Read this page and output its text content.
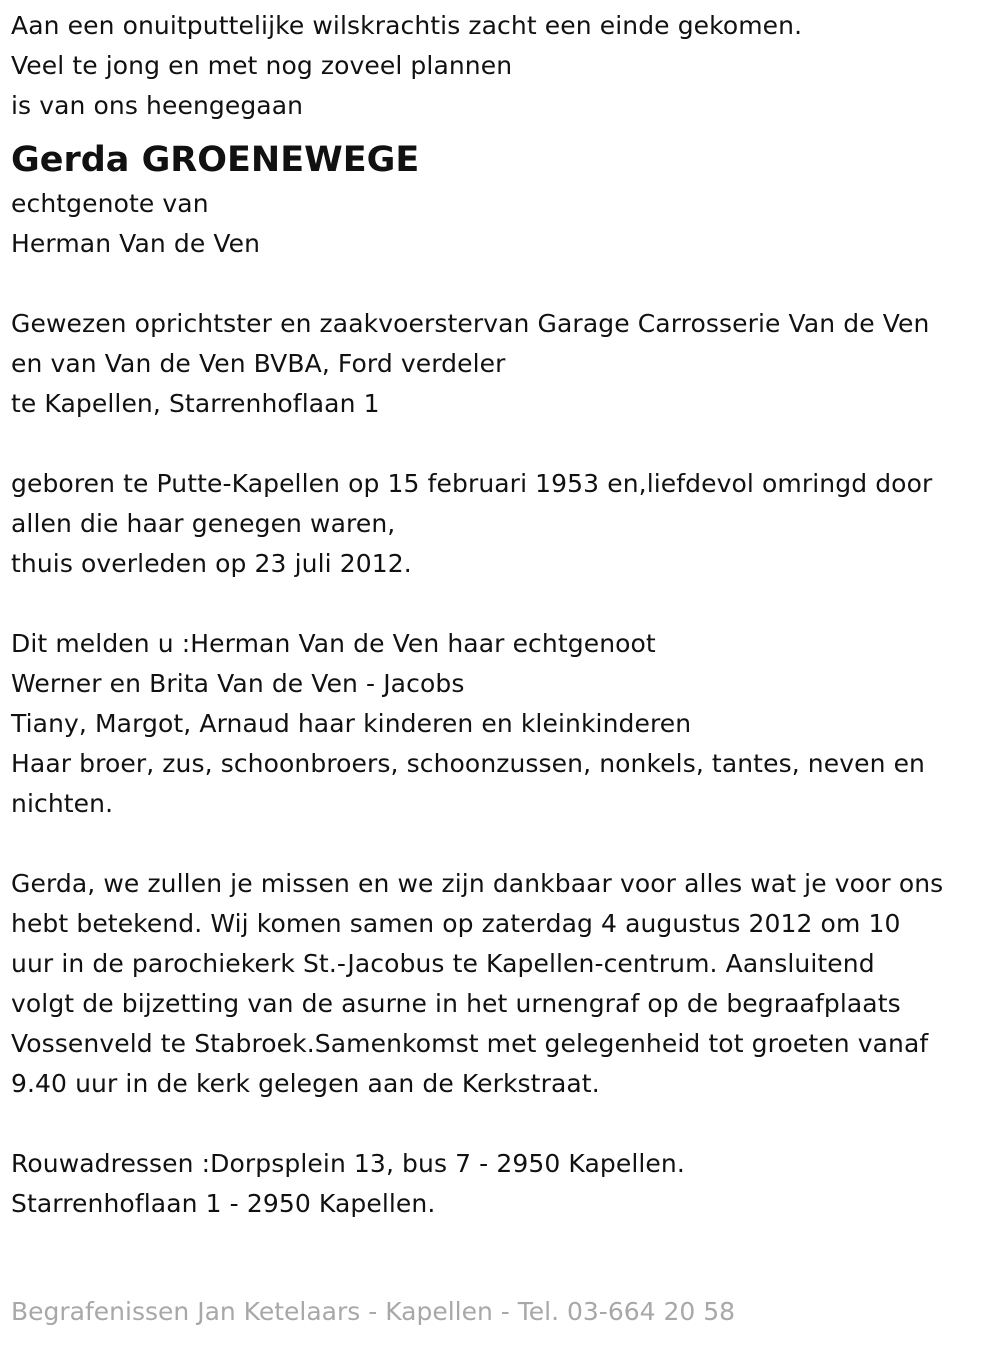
Aan een onuitputtelijke wilskrachtis zacht een einde gekomen.
Veel te jong en met nog zoveel plannen
is van ons heengegaan
Gerda GROENEWEGE
echtgenote van
Herman Van de Ven
Gewezen oprichtster en zaakvoerstervan Garage Carrosserie Van de Ven
en van Van de Ven BVBA, Ford verdeler
te Kapellen, Starrenhoflaan 1
geboren te Putte-Kapellen op 15 februari 1953 en,liefdevol omringd door
allen die haar genegen waren,
thuis overleden op 23 juli 2012.
Dit melden u :Herman Van de Ven haar echtgenoot
Werner en Brita Van de Ven - Jacobs
Tiany, Margot, Arnaud haar kinderen en kleinkinderen
Haar broer, zus, schoonbroers, schoonzussen, nonkels, tantes, neven en
nichten.
Gerda, we zullen je missen en we zijn dankbaar voor alles wat je voor ons
hebt betekend. Wij komen samen op zaterdag 4 augustus 2012 om 10
uur in de parochiekerk St.-Jacobus te Kapellen-centrum. Aansluitend
volgt de bijzetting van de asurne in het urnengraf op de begraafplaats
Vossenveld te Stabroek.Samenkomst met gelegenheid tot groeten vanaf
9.40 uur in de kerk gelegen aan de Kerkstraat.
Rouwadressen :Dorpsplein 13, bus 7 - 2950 Kapellen.
Starrenhoflaan 1 - 2950 Kapellen.
Begrafenissen Jan Ketelaars - Kapellen - Tel. 03-664 20 58
